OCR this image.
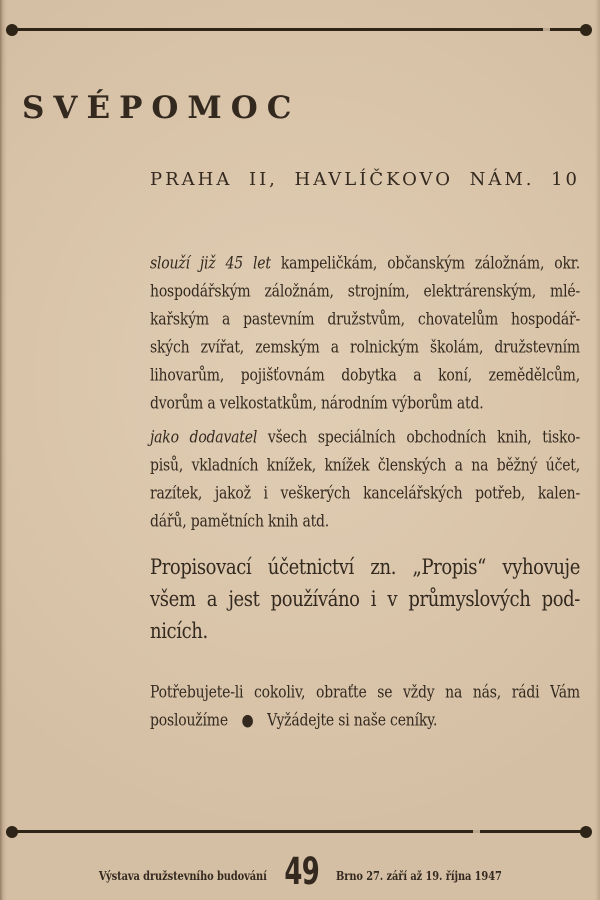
SVÉPOMOC
PRAHA II, HAVLÍČKOVO NÁM. 10
slouží již 45 let kampeličkám, občanským záložnám, okr.
hospodářským záložnám, strojním, elektrárenským, mlé-
kařským a pastevním družstvům, chovatelům hospodář-
ských zvířat, zemským a rolnickým školám, družstevním
lihovarům, pojišťovnám dobytka a koní, zemědělcům,
dvorům a velkostatkům, národním výborům atd.
jako dodavatel všech speciálních obchodních knih, tisko-
pisů, vkladních knížek, knížek členských a na běžný účet,
razítek, jakož i veškerých kancelářských potřeb, kalen-
dářů, pamětních knih atd.
Propisovací účetnictví zn. „Propis“ vyhovuje
všem a jest používáno i v průmyslových pod-
nicích.
Potřebujete-li cokoliv, obraťte se vždy na nás, rádi Vám
posloužíme  ●  Vyžádejte si naše ceníky.
Výstava družstevního budování 49 Brno 27. září až 19. října 1947
